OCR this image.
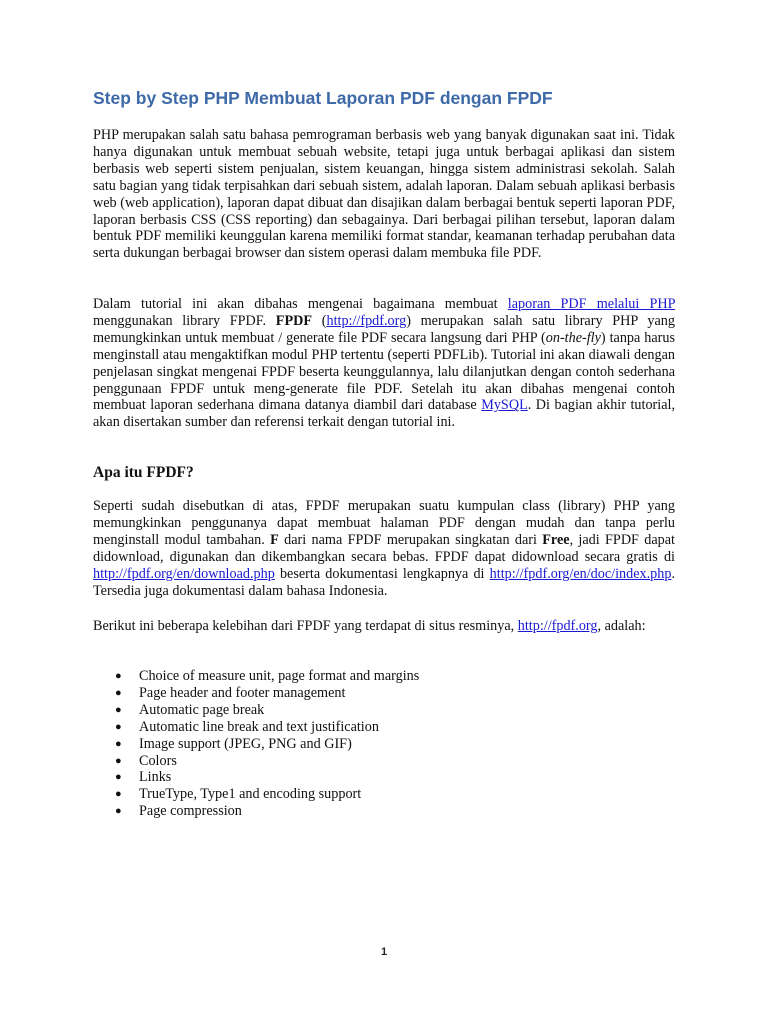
Step by Step PHP Membuat Laporan PDF dengan FPDF

PHP merupakan salah satu bahasa pemrograman berbasis web yang banyak digunakan saat ini. Tidak hanya digunakan untuk membuat sebuah website, tetapi juga untuk berbagai aplikasi dan sistem berbasis web seperti sistem penjualan, sistem keuangan, hingga sistem administrasi sekolah. Salah satu bagian yang tidak terpisahkan dari sebuah sistem, adalah laporan. Dalam sebuah aplikasi berbasis web (web application), laporan dapat dibuat dan disajikan dalam berbagai bentuk seperti laporan PDF, laporan berbasis CSS (CSS reporting) dan sebagainya. Dari berbagai pilihan tersebut, laporan dalam bentuk PDF memiliki keunggulan karena memiliki format standar, keamanan terhadap perubahan data serta dukungan berbagai browser dan sistem operasi dalam membuka file PDF.

Dalam tutorial ini akan dibahas mengenai bagaimana membuat laporan PDF melalui PHP menggunakan library FPDF. FPDF (http://fpdf.org) merupakan salah satu library PHP yang memungkinkan untuk membuat / generate file PDF secara langsung dari PHP (on-the-fly) tanpa harus menginstall atau mengaktifkan modul PHP tertentu (seperti PDFLib). Tutorial ini akan diawali dengan penjelasan singkat mengenai FPDF beserta keunggulannya, lalu dilanjutkan dengan contoh sederhana penggunaan FPDF untuk meng-generate file PDF. Setelah itu akan dibahas mengenai contoh membuat laporan sederhana dimana datanya diambil dari database MySQL. Di bagian akhir tutorial, akan disertakan sumber dan referensi terkait dengan tutorial ini.

Apa itu FPDF?

Seperti sudah disebutkan di atas, FPDF merupakan suatu kumpulan class (library) PHP yang memungkinkan penggunanya dapat membuat halaman PDF dengan mudah dan tanpa perlu menginstall modul tambahan. F dari nama FPDF merupakan singkatan dari Free, jadi FPDF dapat didownload, digunakan dan dikembangkan secara bebas. FPDF dapat didownload secara gratis di http://fpdf.org/en/download.php beserta dokumentasi lengkapnya di http://fpdf.org/en/doc/index.php. Tersedia juga dokumentasi dalam bahasa Indonesia.

Berikut ini beberapa kelebihan dari FPDF yang terdapat di situs resminya, http://fpdf.org, adalah:

● Choice of measure unit, page format and margins
● Page header and footer management
● Automatic page break
● Automatic line break and text justification
● Image support (JPEG, PNG and GIF)
● Colors
● Links
● TrueType, Type1 and encoding support
● Page compression
1
